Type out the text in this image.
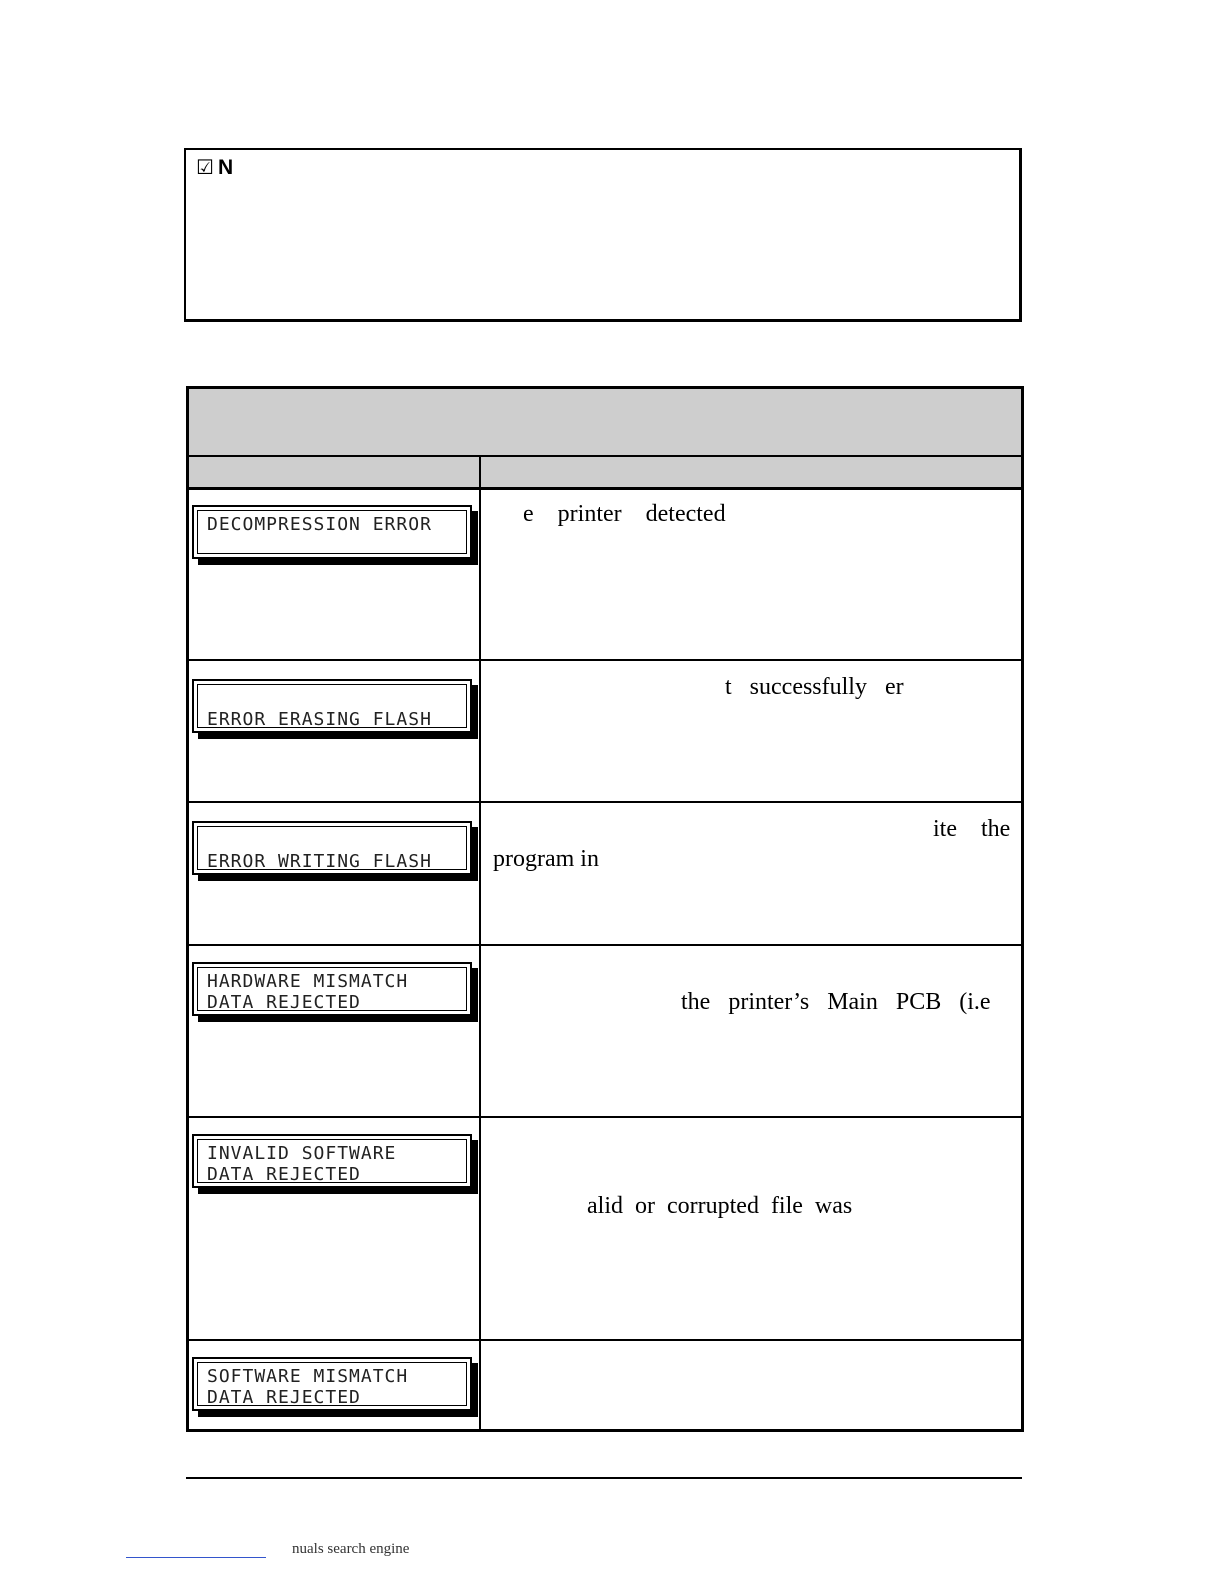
☑ N
DECOMPRESSION ERROR	e    printer    detected
ERROR ERASING FLASH
t   successfully   er
ERROR WRITING FLASH
ite    the
program in
HARDWARE MISMATCH
DATA REJECTED	the   printer’s   Main   PCB   (i.e
INVALID SOFTWARE
DATA REJECTED
alid  or  corrupted  file  was
SOFTWARE MISMATCH
DATA REJECTED
nuals search engine
